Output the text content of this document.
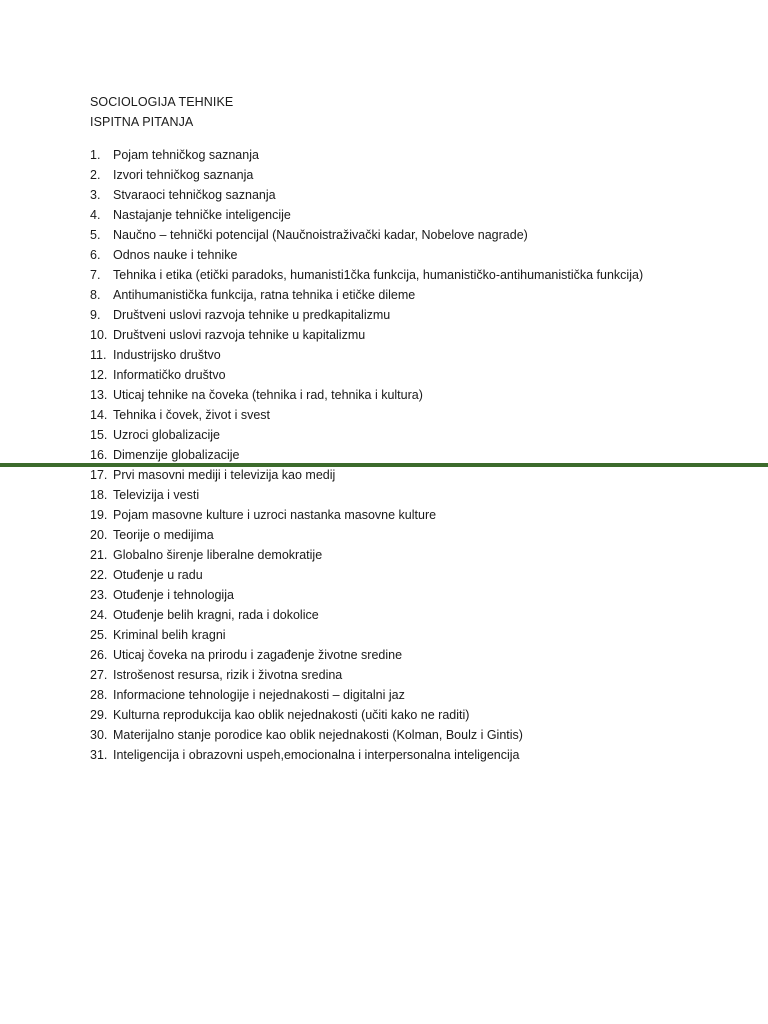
SOCIOLOGIJA TEHNIKE
ISPITNA PITANJA
1. Pojam tehničkog saznanja
2. Izvori tehničkog saznanja
3. Stvaraoci tehničkog saznanja
4. Nastajanje tehničke inteligencije
5. Naučno – tehnički potencijal (Naučnoistraživački kadar, Nobelove nagrade)
6. Odnos nauke i tehnike
7. Tehnika i etika (etički paradoks, humanisti1čka funkcija, humanističko-antihumanistička funkcija)
8. Antihumanistička funkcija, ratna tehnika i etičke dileme
9. Društveni uslovi razvoja tehnike u predkapitalizmu
10. Društveni uslovi razvoja tehnike u kapitalizmu
11. Industrijsko društvo
12. Informatičko društvo
13. Uticaj tehnike na čoveka (tehnika i rad, tehnika i kultura)
14. Tehnika i čovek, život i svest
15. Uzroci globalizacije
16. Dimenzije globalizacije
17. Prvi masovni mediji i televizija kao medij
18. Televizija i vesti
19. Pojam masovne kulture i uzroci nastanka masovne kulture
20. Teorije o medijima
21. Globalno širenje liberalne demokratije
22. Otuđenje u radu
23. Otuđenje i tehnologija
24. Otuđenje belih kragni, rada i dokolice
25. Kriminal belih kragni
26. Uticaj čoveka na prirodu i zagađenje životne sredine
27. Istrošenost resursa, rizik i životna sredina
28. Informacione tehnologije i nejednakosti – digitalni jaz
29. Kulturna reprodukcija kao oblik nejednakosti (učiti kako ne raditi)
30. Materijalno stanje porodice kao oblik nejednakosti (Kolman, Boulz i Gintis)
31. Inteligencija i obrazovni uspeh,emocionalna i interpersonalna inteligencija
